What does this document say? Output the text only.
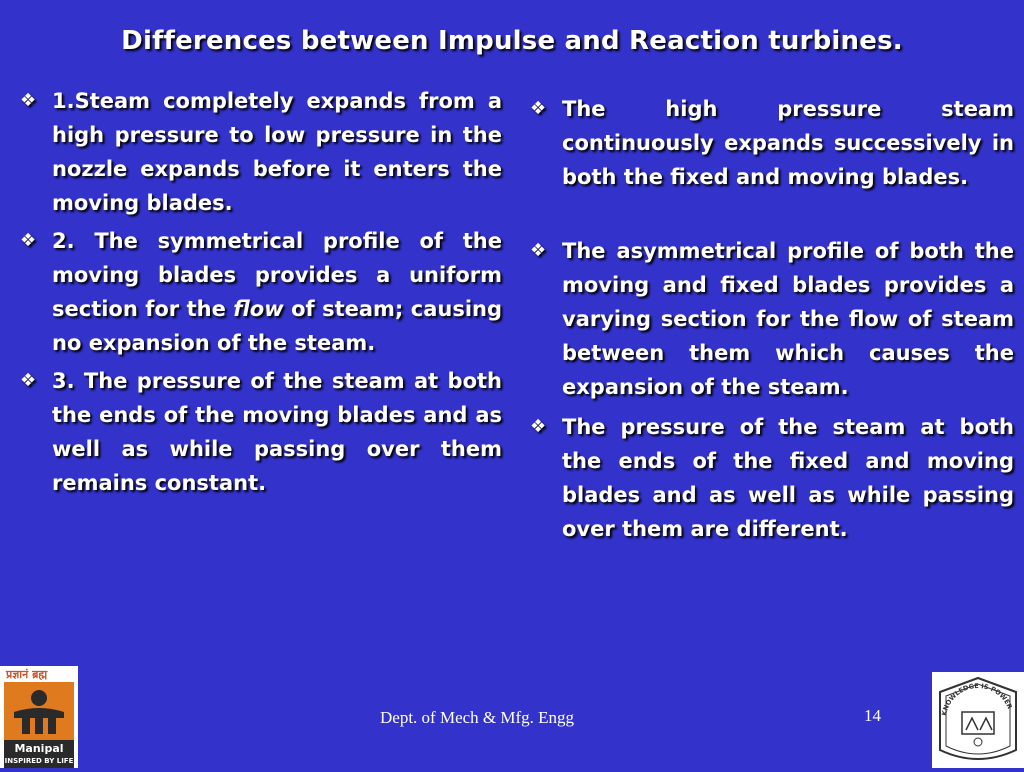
Differences between Impulse and Reaction turbines.
❖ 1.Steam completely expands from a high pressure to low pressure in the nozzle expands before it enters the moving blades.
❖ 2. The symmetrical profile of the moving blades provides a uniform section for the flow of steam; causing no expansion of the steam.
❖ 3. The pressure of the steam at both the ends of the moving blades and as well as while passing over them remains constant.
❖ The high pressure steam continuously expands successively in both the fixed and moving blades.
❖ The asymmetrical profile of both the moving and fixed blades provides a varying section for the flow of steam between them which causes the expansion of the steam.
❖ The pressure of the steam at both the ends of the fixed and moving blades and as well as while passing over them are different.
प्रज्ञानं ब्रह्म
Manipal
INSPIRED BY LIFE
Dept. of Mech & Mfg. Engg	14	KNOWLEDGE IS POWER
